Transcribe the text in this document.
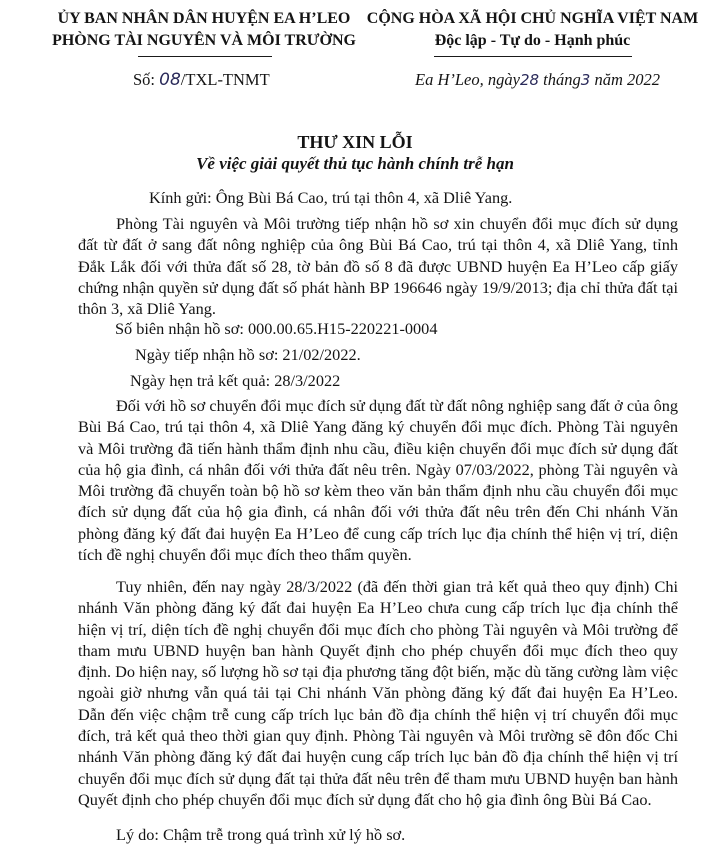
ỦY BAN NHÂN DÂN HUYỆN EA H’LEO
PHÒNG TÀI NGUYÊN VÀ MÔI TRƯỜNG
CỘNG HÒA XÃ HỘI CHỦ NGHĨA VIỆT NAM
Độc lập - Tự do - Hạnh phúc
Số: 08/TXL-TNMT	Ea H’Leo, ngày28 tháng3 năm 2022
THƯ XIN LỖI
Về việc giải quyết thủ tục hành chính trễ hạn
Kính gửi: Ông Bùi Bá Cao, trú tại thôn 4, xã Dliê Yang.
Phòng Tài nguyên và Môi trường tiếp nhận hồ sơ xin chuyển đổi mục đích sử dụng đất từ đất ở sang đất nông nghiệp của ông Bùi Bá Cao, trú tại thôn 4, xã Dliê Yang, tỉnh Đắk Lắk đối với thửa đất số 28, tờ bản đồ số 8 đã được UBND huyện Ea H’Leo cấp giấy chứng nhận quyền sử dụng đất số phát hành BP 196646 ngày 19/9/2013; địa chỉ thửa đất tại thôn 3, xã Dliê Yang.
Số biên nhận hồ sơ: 000.00.65.H15-220221-0004
Ngày tiếp nhận hồ sơ: 21/02/2022.
Ngày hẹn trả kết quả: 28/3/2022
Đối với hồ sơ chuyển đổi mục đích sử dụng đất từ đất nông nghiệp sang đất ở của ông Bùi Bá Cao, trú tại thôn 4, xã Dliê Yang đăng ký chuyển đổi mục đích. Phòng Tài nguyên và Môi trường đã tiến hành thẩm định nhu cầu, điều kiện chuyển đổi mục đích sử dụng đất của hộ gia đình, cá nhân đối với thửa đất nêu trên. Ngày 07/03/2022, phòng Tài nguyên và Môi trường đã chuyển toàn bộ hồ sơ kèm theo văn bản thẩm định nhu cầu chuyển đổi mục đích sử dụng đất của hộ gia đình, cá nhân đối với thửa đất nêu trên đến Chi nhánh Văn phòng đăng ký đất đai huyện Ea H’Leo để cung cấp trích lục địa chính thể hiện vị trí, diện tích đề nghị chuyển đổi mục đích theo thẩm quyền.
Tuy nhiên, đến nay ngày 28/3/2022 (đã đến thời gian trả kết quả theo quy định) Chi nhánh Văn phòng đăng ký đất đai huyện Ea H’Leo chưa cung cấp trích lục địa chính thể hiện vị trí, diện tích đề nghị chuyển đổi mục đích cho phòng Tài nguyên và Môi trường để tham mưu UBND huyện ban hành Quyết định cho phép chuyển đổi mục đích theo quy định. Do hiện nay, số lượng hồ sơ tại địa phương tăng đột biến, mặc dù tăng cường làm việc ngoài giờ nhưng vẫn quá tải tại Chi nhánh Văn phòng đăng ký đất đai huyện Ea H’Leo. Dẫn đến việc chậm trễ cung cấp trích lục bản đồ địa chính thể hiện vị trí chuyển đổi mục đích, trả kết quả theo thời gian quy định. Phòng Tài nguyên và Môi trường sẽ đôn đốc Chi nhánh Văn phòng đăng ký đất đai huyện cung cấp trích lục bản đồ địa chính thể hiện vị trí chuyển đổi mục đích sử dụng đất tại thửa đất nêu trên để tham mưu UBND huyện ban hành Quyết định cho phép chuyển đổi mục đích sử dụng đất cho hộ gia đình ông Bùi Bá Cao.
Lý do: Chậm trễ trong quá trình xử lý hồ sơ.
